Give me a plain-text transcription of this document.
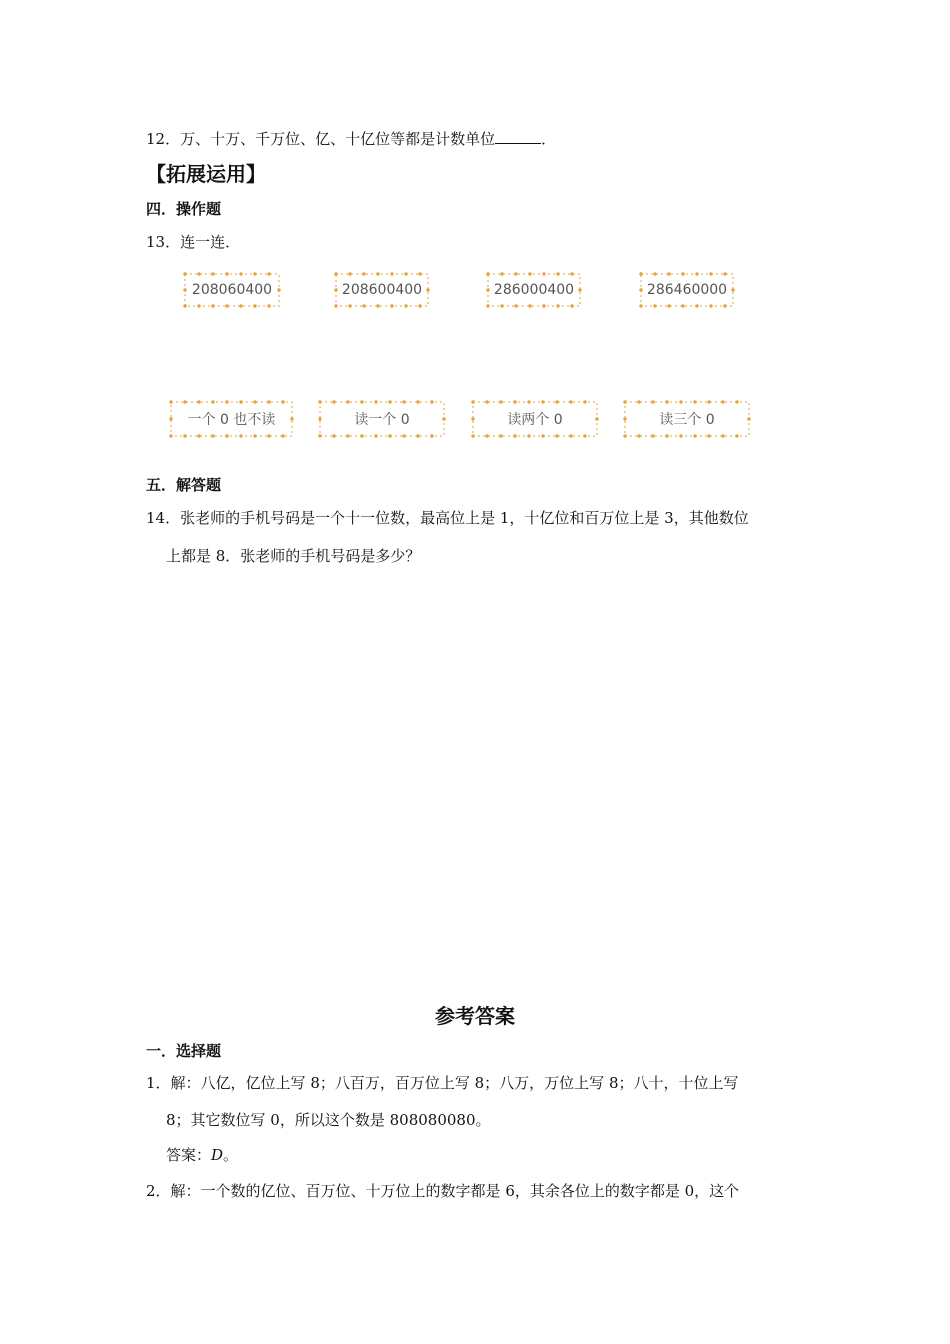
12．万、十万、千万位、亿、十亿位等都是计数单位	．
【拓展运用】
四．操作题
13．连一连．
208060400	208600400	286000400	286460000
一个 0 也不读	读一个 0	读两个 0	读三个 0
五．解答题
14．张老师的手机号码是一个十一位数，最高位上是 1，十亿位和百万位上是 3，其他数位
上都是 8．张老师的手机号码是多少？
参考答案
一．选择题
1．解：八亿，亿位上写 8；八百万，百万位上写 8；八万，万位上写 8；八十，十位上写
8；其它数位写 0，所以这个数是 808080080。
答案：D。
2．解：一个数的亿位、百万位、十万位上的数字都是 6，其余各位上的数字都是 0，这个
